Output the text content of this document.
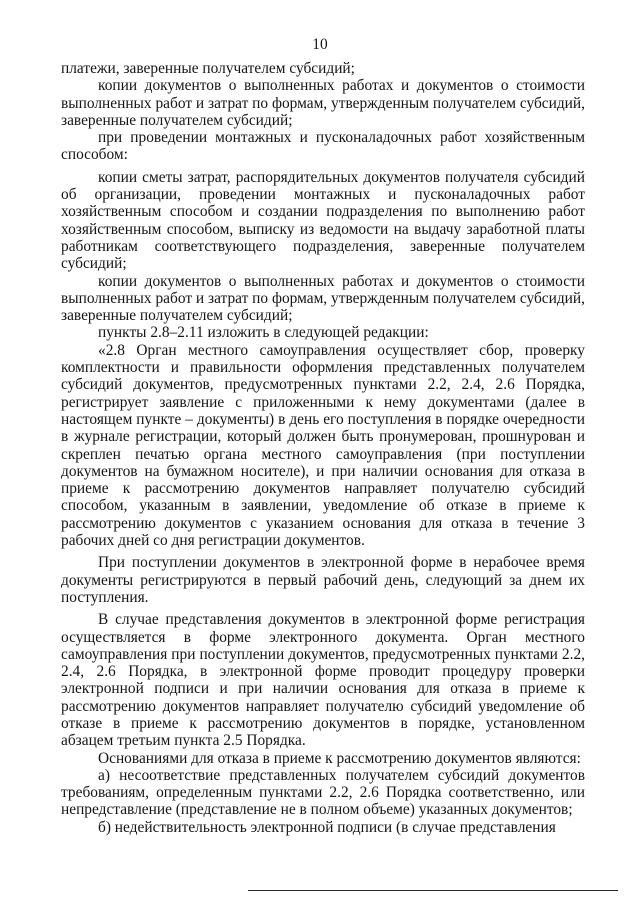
10

платежи, заверенные получателем субсидий;

копии документов о выполненных работах и документов о стоимости выполненных работ и затрат по формам, утвержденным получателем субсидий, заверенные получателем субсидий;

при проведении монтажных и пусконаладочных работ хозяйственным способом:

копии сметы затрат, распорядительных документов получателя субсидий об организации, проведении монтажных и пусконаладочных работ хозяйственным способом и создании подразделения по выполнению работ хозяйственным способом, выписку из ведомости на выдачу заработной платы работникам соответствующего подразделения, заверенные получателем субсидий;

копии документов о выполненных работах и документов о стоимости выполненных работ и затрат по формам, утвержденным получателем субсидий, заверенные получателем субсидий;

пункты 2.8–2.11 изложить в следующей редакции:

«2.8 Орган местного самоуправления осуществляет сбор, проверку комплектности и правильности оформления представленных получателем субсидий документов, предусмотренных пунктами 2.2, 2.4, 2.6 Порядка, регистрирует заявление с приложенными к нему документами (далее в настоящем пункте – документы) в день его поступления в порядке очередности в журнале регистрации, который должен быть пронумерован, прошнурован и скреплен печатью органа местного самоуправления (при поступлении документов на бумажном носителе), и при наличии основания для отказа в приеме к рассмотрению документов направляет получателю субсидий способом, указанным в заявлении, уведомление об отказе в приеме к рассмотрению документов с указанием основания для отказа в течение 3 рабочих дней со дня регистрации документов.

При поступлении документов в электронной форме в нерабочее время документы регистрируются в первый рабочий день, следующий за днем их поступления.

В случае представления документов в электронной форме регистрация осуществляется в форме электронного документа. Орган местного самоуправления при поступлении документов, предусмотренных пунктами 2.2, 2.4, 2.6 Порядка, в электронной форме проводит процедуру проверки электронной подписи и при наличии основания для отказа в приеме к рассмотрению документов направляет получателю субсидий уведомление об отказе в приеме к рассмотрению документов в порядке, установленном абзацем третьим пункта 2.5 Порядка.

Основаниями для отказа в приеме к рассмотрению документов являются:

а) несоответствие представленных получателем субсидий документов требованиям, определенным пунктами 2.2, 2.6 Порядка соответственно, или непредставление (представление не в полном объеме) указанных документов;

б) недействительность электронной подписи (в случае представления
